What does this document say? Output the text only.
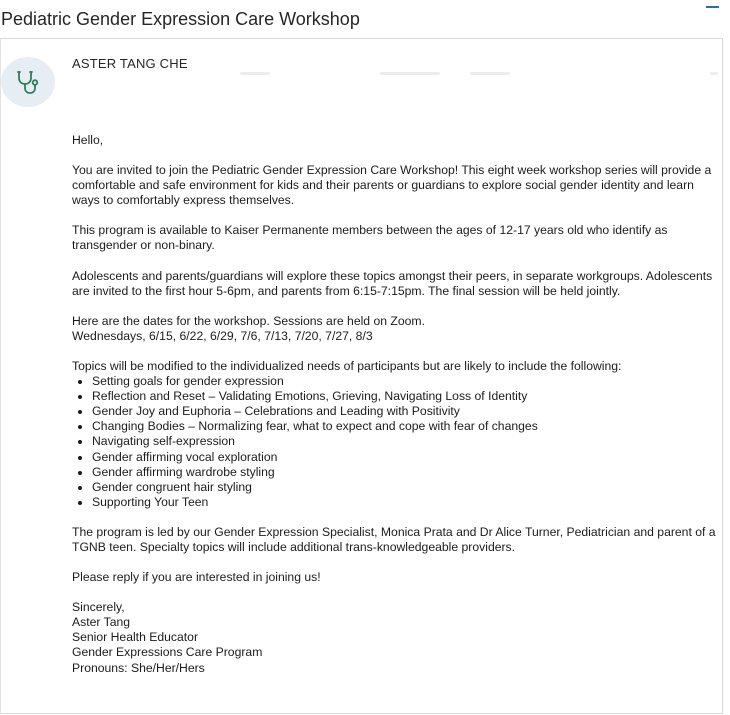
Pediatric Gender Expression Care Workshop
ASTER TANG CHE

Hello,

You are invited to join the Pediatric Gender Expression Care Workshop! This eight week workshop series will provide a comfortable and safe environment for kids and their parents or guardians to explore social gender identity and learn ways to comfortably express themselves.

This program is available to Kaiser Permanente members between the ages of 12-17 years old who identify as transgender or non-binary.

Adolescents and parents/guardians will explore these topics amongst their peers, in separate workgroups. Adolescents are invited to the first hour 5-6pm, and parents from 6:15-7:15pm. The final session will be held jointly.

Here are the dates for the workshop. Sessions are held on Zoom.

Wednesdays, 6/15, 6/22, 6/29, 7/6, 7/13, 7/20, 7/27, 8/3

Topics will be modified to the individualized needs of participants but are likely to include the following:

• Setting goals for gender expression
• Reflection and Reset – Validating Emotions, Grieving, Navigating Loss of Identity
• Gender Joy and Euphoria – Celebrations and Leading with Positivity
• Changing Bodies – Normalizing fear, what to expect and cope with fear of changes
• Navigating self-expression
• Gender affirming vocal exploration
• Gender affirming wardrobe styling
• Gender congruent hair styling
• Supporting Your Teen

The program is led by our Gender Expression Specialist, Monica Prata and Dr Alice Turner, Pediatrician and parent of a TGNB teen. Specialty topics will include additional trans-knowledgeable providers.

Please reply if you are interested in joining us!

Sincerely,
Aster Tang
Senior Health Educator
Gender Expressions Care Program
Pronouns: She/Her/Hers
